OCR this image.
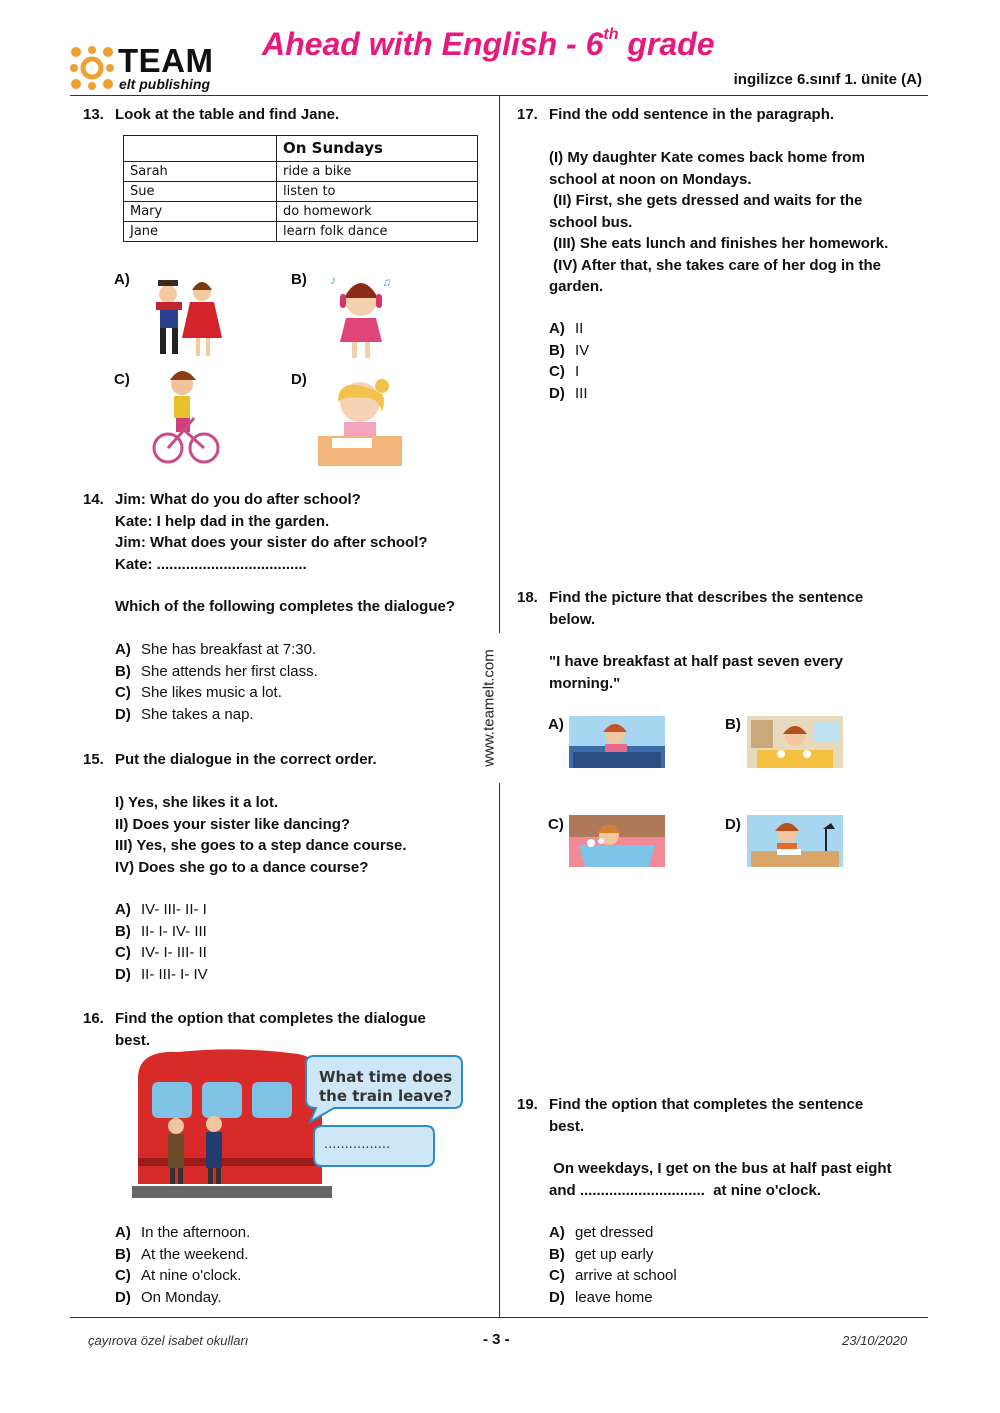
TEAM
elt publishing
Ahead with English - 6th grade
ingilizce 6.sınıf 1. ünite (A)
www.teamelt.com
13. Look at the table and find Jane.
	On Sundays
Sarah	ride a bike
Sue	listen to
Mary	do homework
Jane	learn folk dance
A)	B) ♪	♫
C)	D)
14. Jim: What do you do after school?
Kate: I help dad in the garden.
Jim: What does your sister do after school?
Kate: ....................................
Which of the following completes the dialogue?
A) She has breakfast at 7:30.
B) She attends her first class.
C) She likes music a lot.
D) She takes a nap.
15. Put the dialogue in the correct order.
I) Yes, she likes it a lot.
II) Does your sister like dancing?
III) Yes, she goes to a step dance course.
IV) Does she go to a dance course?
A) IV- III- II- I
B) II- I- IV- III
C) IV- I- III- II
D) II- III- I- IV
16. Find the option that completes the dialogue
best.
A) In the afternoon.
B) At the weekend.
C) At nine o'clock.
D) On Monday.
What time does
the train leave?
................
17. Find the odd sentence in the paragraph.
(I) My daughter Kate comes back home from
school at noon on Mondays.
(II) First, she gets dressed and waits for the
school bus.
(III) She eats lunch and finishes her homework.
(IV) After that, she takes care of her dog in the
garden.
A) II
B) IV
C) I
D) III
18. Find the picture that describes the sentence
below.
"I have breakfast at half past seven every
morning."
A)	B)
C)	D)
19. Find the option that completes the sentence
best.
On weekdays, I get on the bus at half past eight
and ..............................  at nine o'clock.
A) get dressed
B) get up early
C) arrive at school
D) leave home
çayırova özel isabet okulları	- 3 -	23/10/2020
